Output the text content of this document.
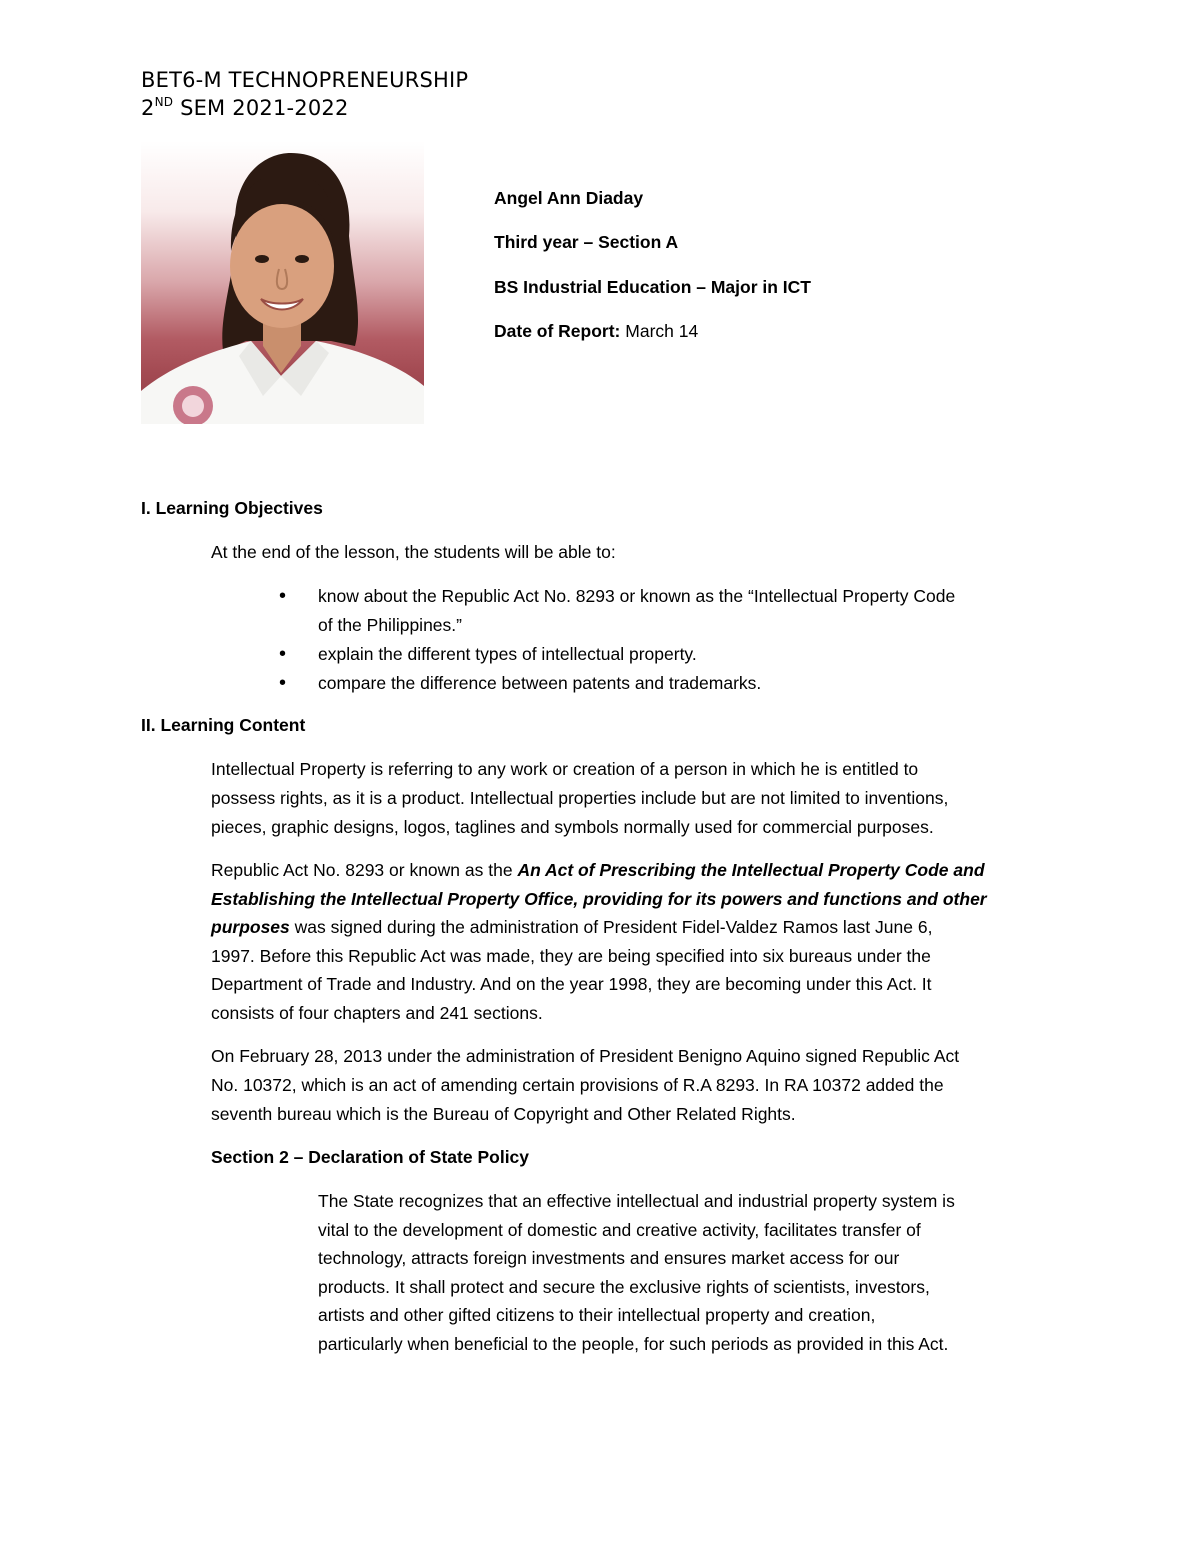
BET6-M TECHNOPRENEURSHIP
2ND SEM 2021-2022
Angel Ann Diaday
Third year – Section A
BS Industrial Education – Major in ICT
Date of Report: March 14
I. Learning Objectives
At the end of the lesson, the students will be able to:
• know about the Republic Act No. 8293 or known as the “Intellectual Property Code
of the Philippines.”
• explain the different types of intellectual property.
• compare the difference between patents and trademarks.
II. Learning Content
Intellectual Property is referring to any work or creation of a person in which he is entitled to
possess rights, as it is a product. Intellectual properties include but are not limited to inventions,
pieces, graphic designs, logos, taglines and symbols normally used for commercial purposes.
Republic Act No. 8293 or known as the An Act of Prescribing the Intellectual Property Code and
Establishing the Intellectual Property Office, providing for its powers and functions and other
purposes was signed during the administration of President Fidel-Valdez Ramos last June 6,
1997. Before this Republic Act was made, they are being specified into six bureaus under the
Department of Trade and Industry. And on the year 1998, they are becoming under this Act. It
consists of four chapters and 241 sections.
On February 28, 2013 under the administration of President Benigno Aquino signed Republic Act
No. 10372, which is an act of amending certain provisions of R.A 8293. In RA 10372 added the
seventh bureau which is the Bureau of Copyright and Other Related Rights.
Section 2 – Declaration of State Policy
The State recognizes that an effective intellectual and industrial property system is
vital to the development of domestic and creative activity, facilitates transfer of
technology, attracts foreign investments and ensures market access for our
products. It shall protect and secure the exclusive rights of scientists, investors,
artists and other gifted citizens to their intellectual property and creation,
particularly when beneficial to the people, for such periods as provided in this Act.
